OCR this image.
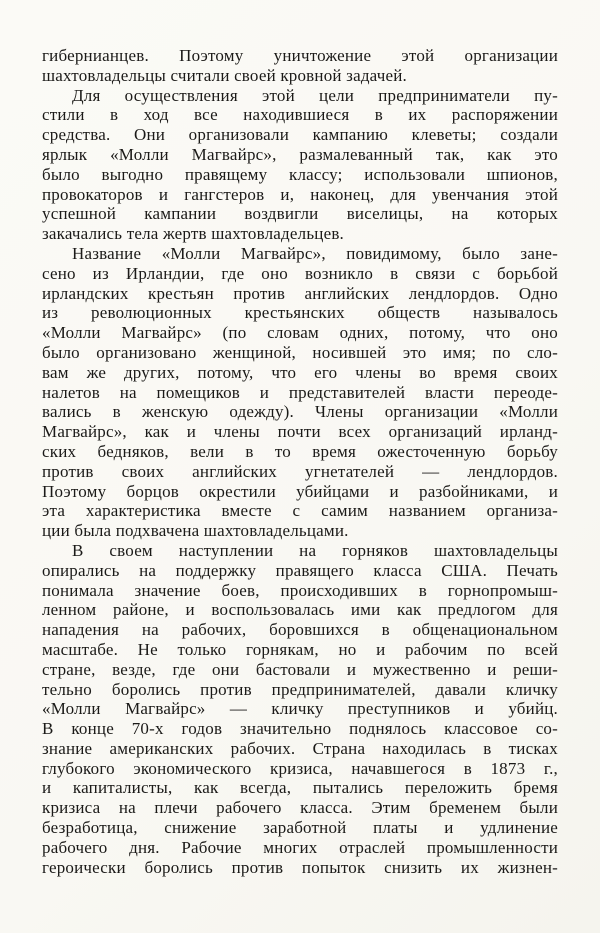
гибернианцев. Поэтому уничтожение этой организации
шахтовладельцы считали своей кровной задачей.
Для осуществления этой цели предприниматели пу-
стили в ход все находившиеся в их распоряжении
средства. Они организовали кампанию клеветы; создали
ярлык «Молли Магвайрс», размалеванный так, как это
было выгодно правящему классу; использовали шпионов,
провокаторов и гангстеров и, наконец, для увенчания этой
успешной кампании воздвигли виселицы, на которых
закачались тела жертв шахтовладельцев.
Название «Молли Магвайрс», повидимому, было зане-
сено из Ирландии, где оно возникло в связи с борьбой
ирландских крестьян против английских лендлордов. Одно
из революционных крестьянских обществ называлось
«Молли Магвайрс» (по словам одних, потому, что оно
было организовано женщиной, носившей это имя; по сло-
вам же других, потому, что его члены во время своих
налетов на помещиков и представителей власти переоде-
вались в женскую одежду). Члены организации «Молли
Магвайрс», как и члены почти всех организаций ирланд-
ских бедняков, вели в то время ожесточенную борьбу
против своих английских угнетателей — лендлордов.
Поэтому борцов окрестили убийцами и разбойниками, и
эта характеристика вместе с самим названием организа-
ции была подхвачена шахтовладельцами.
В своем наступлении на горняков шахтовладельцы
опирались на поддержку правящего класса США. Печать
понимала значение боев, происходивших в горнопромыш-
ленном районе, и воспользовалась ими как предлогом для
нападения на рабочих, боровшихся в общенациональном
масштабе. Не только горнякам, но и рабочим по всей
стране, везде, где они бастовали и мужественно и реши-
тельно боролись против предпринимателей, давали кличку
«Молли Магвайрс» — кличку преступников и убийц.
В конце 70-х годов значительно поднялось классовое со-
знание американских рабочих. Страна находилась в тисках
глубокого экономического кризиса, начавшегося в 1873 г.,
и капиталисты, как всегда, пытались переложить бремя
кризиса на плечи рабочего класса. Этим бременем были
безработица, снижение заработной платы и удлинение
рабочего дня. Рабочие многих отраслей промышленности
героически боролись против попыток снизить их жизнен-
